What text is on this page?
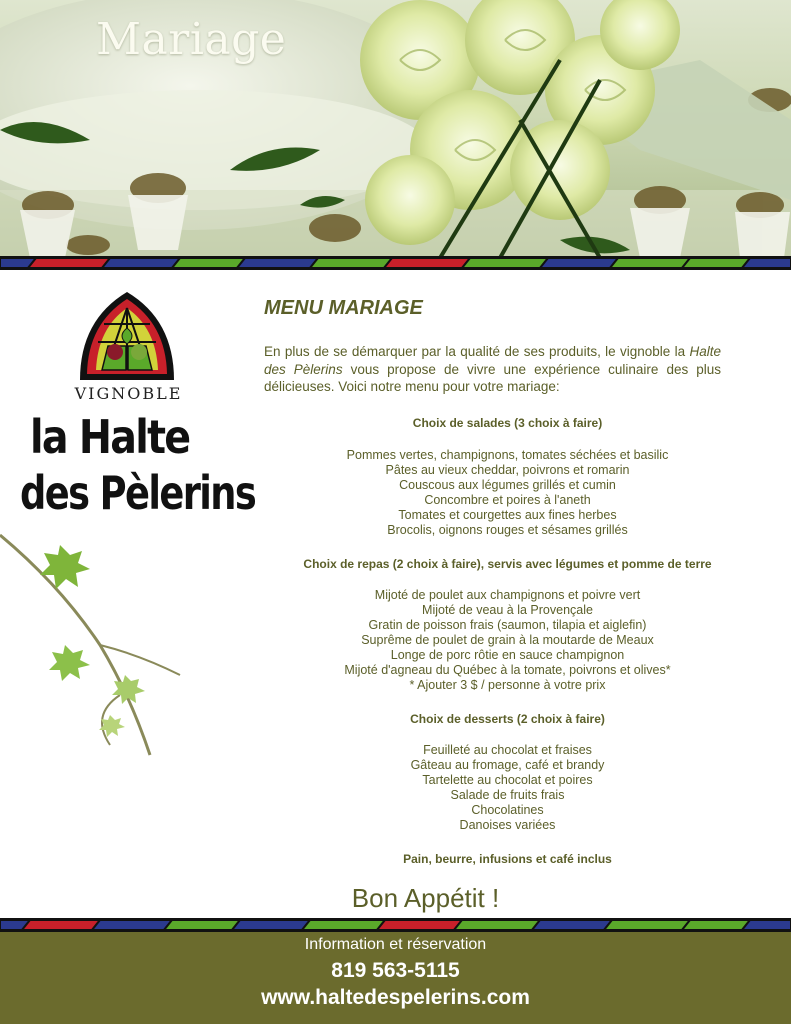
Mariage
VIGNOBLE
la Halte
des Pèlerins
MENU MARIAGE
En plus de se démarquer par la qualité de ses produits, le vignoble la Halte des Pèlerins vous propose de vivre une expérience culinaire des plus délicieuses. Voici notre menu pour votre mariage:
Choix de salades (3 choix à faire)
Pommes vertes, champignons, tomates séchées et basilic
Pâtes au vieux cheddar, poivrons et romarin
Couscous aux légumes grillés et cumin
Concombre et poires à l'aneth
Tomates et courgettes aux fines herbes
Brocolis, oignons rouges et sésames grillés
Choix de repas (2 choix à faire), servis avec légumes et pomme de terre
Mijoté de poulet aux champignons et poivre vert
Mijoté de veau à la Provençale
Gratin de poisson frais (saumon, tilapia et aiglefin)
Suprême de poulet de grain à la moutarde de Meaux
Longe de porc rôtie en sauce champignon
Mijoté d'agneau du Québec à la tomate, poivrons et olives*
* Ajouter 3 $ / personne à votre prix
Choix de desserts (2 choix à faire)
Feuilleté au chocolat et fraises
Gâteau au fromage, café et brandy
Tartelette au chocolat et poires
Salade de fruits frais
Chocolatines
Danoises variées
Pain, beurre, infusions et café inclus
Bon Appétit !
Information et réservation
819 563-5115
www.haltedespelerins.com
